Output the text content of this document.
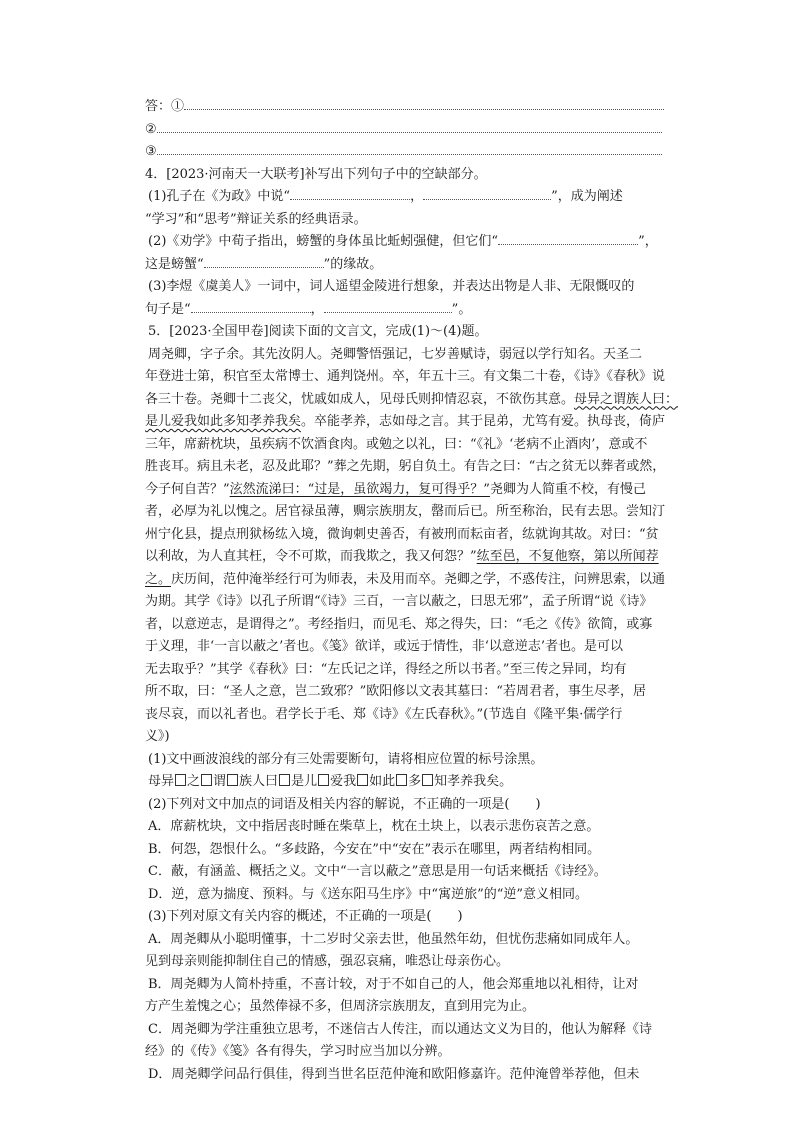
答：①
②
③
4．[2023·河南天一大联考]补写出下列句子中的空缺部分。
(1)孔子在《为政》中说“	，	”，成为阐述
“学习”和“思考”辩证关系的经典语录。
(2)《劝学》中荀子指出，螃蟹的身体虽比蚯蚓强健，但它们“	”，
这是螃蟹“	”的缘故。
(3)李煜《虞美人》一词中，词人遥望金陵进行想象，并表达出物是人非、无限慨叹的
句子是“	，	”。
5．[2023·全国甲卷]阅读下面的文言文，完成(1)～(4)题。
周尧卿，字子余。其先汝阴人。尧卿警悟强记，七岁善赋诗，弱冠以学行知名。天圣二
年登进士第，积官至太常博士、通判饶州。卒，年五十三。有文集二十卷，《诗》《春秋》说
各三十卷。尧卿十二丧父，忧戚如成人，见母氏则抑情忍哀，不欲伤其意。母异之谓族人曰：
是儿爱我如此多知孝养我矣。卒能孝养，志如母之言。其于昆弟，尤笃有爱。执母丧，倚庐
三年，席薪枕块，虽疾病不饮酒食肉。或勉之以礼，曰：“《礼》‘老病不止酒肉’，意或不
胜丧耳。病且未老，忍及此耶？”葬之先期，躬自负土。有告之曰：“古之贫无以葬者或然，
今子何自苦？”泫然流涕曰：“过是，虽欲竭力，复可得乎？”尧卿为人简重不校，有慢己
者，必厚为礼以愧之。居官禄虽薄，赒宗族朋友，罄而后已。所至称治，民有去思。尝知汀
州宁化县，提点刑狱杨纮入境，微询刺史善否，有被刑而耘亩者，纮就询其故。对曰：“贫
以利故，为人直其枉，令不可欺，而我欺之，我又何怨？”纮至邑，不复他察，第以所闻荐
之。庆历间，范仲淹举经行可为师表，未及用而卒。尧卿之学，不惑传注，问辨思索，以通
为期。其学《诗》以孔子所谓“《诗》三百，一言以蔽之，曰思无邪”，孟子所谓“说《诗》
者，以意逆志，是谓得之”。考经指归，而见毛、郑之得失，曰：“毛之《传》欲简，或寡
于义理，非‘一言以蔽之’者也。《笺》欲详，或远于情性，非‘以意逆志’者也。是可以
无去取乎？”其学《春秋》曰：“左氏记之详，得经之所以书者。”至三传之异同，均有
所不取，曰：“圣人之意，岂二致邪？”欧阳修以文表其墓曰：“若周君者，事生尽孝，居
丧尽哀，而以礼者也。君学长于毛、郑《诗》《左氏春秋》。”(节选自《隆平集·儒学行
义》)
(1)文中画波浪线的部分有三处需要断句，请将相应位置的标号涂黑。
母异 之 谓 族人曰 是儿 爱我 如此 多 知孝养我矣。
(2)下列对文中加点的词语及相关内容的解说，不正确的一项是(　　)
A．席薪枕块，文中指居丧时睡在柴草上，枕在土块上，以表示悲伤哀苦之意。
B．何怨，怨恨什么。“多歧路，今安在”中“安在”表示在哪里，两者结构相同。
C．蔽，有涵盖、概括之义。文中“一言以蔽之”意思是用一句话来概括《诗经》。
D．逆，意为揣度、预料。与《送东阳马生序》中“寓逆旅”的“逆”意义相同。
(3)下列对原文有关内容的概述，不正确的一项是(　　)
A．周尧卿从小聪明懂事，十二岁时父亲去世，他虽然年幼，但忧伤悲痛如同成年人。
见到母亲则能抑制住自己的情感，强忍哀痛，唯恐让母亲伤心。
B．周尧卿为人简朴持重，不喜计较，对于不如自己的人，他会郑重地以礼相待，让对
方产生羞愧之心；虽然俸禄不多，但周济宗族朋友，直到用完为止。
C．周尧卿为学注重独立思考，不迷信古人传注，而以通达文义为目的，他认为解释《诗
经》的《传》《笺》各有得失，学习时应当加以分辨。
D．周尧卿学问品行俱佳，得到当世名臣范仲淹和欧阳修嘉许。范仲淹曾举荐他，但未
